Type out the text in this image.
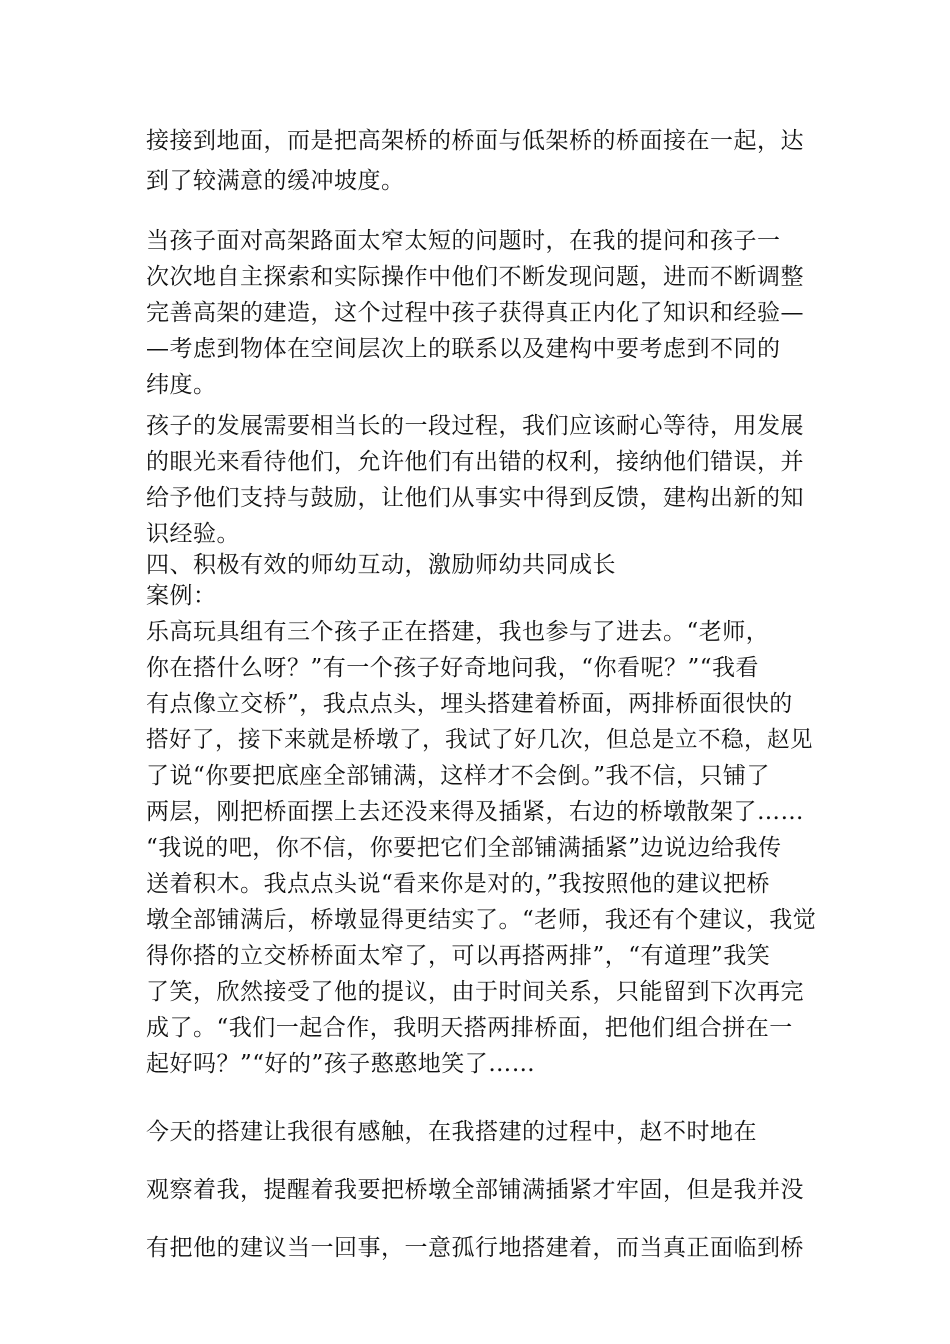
接接到地面，而是把高架桥的桥面与低架桥的桥面接在一起，达
到了较满意的缓冲坡度。
当孩子面对高架路面太窄太短的问题时，在我的提问和孩子一
次次地自主探索和实际操作中他们不断发现问题，进而不断调整
完善高架的建造，这个过程中孩子获得真正内化了知识和经验—
—考虑到物体在空间层次上的联系以及建构中要考虑到不同的
纬度。
孩子的发展需要相当长的一段过程，我们应该耐心等待，用发展
的眼光来看待他们，允许他们有出错的权利，接纳他们错误，并
给予他们支持与鼓励，让他们从事实中得到反馈，建构出新的知
识经验。
四、积极有效的师幼互动，激励师幼共同成长
案例：
乐高玩具组有三个孩子正在搭建，我也参与了进去。“老师，
你在搭什么呀？”有一个孩子好奇地问我，“你看呢？”“我看
有点像立交桥”，我点点头，埋头搭建着桥面，两排桥面很快的
搭好了，接下来就是桥墩了，我试了好几次，但总是立不稳，赵见
了说“你要把底座全部铺满，这样才不会倒。”我不信，只铺了
两层，刚把桥面摆上去还没来得及插紧，右边的桥墩散架了……
“我说的吧，你不信，你要把它们全部铺满插紧”边说边给我传
送着积木。我点点头说“看来你是对的，”我按照他的建议把桥
墩全部铺满后，桥墩显得更结实了。“老师，我还有个建议，我觉
得你搭的立交桥桥面太窄了，可以再搭两排”，“有道理”我笑
了笑，欣然接受了他的提议，由于时间关系，只能留到下次再完
成了。“我们一起合作，我明天搭两排桥面，把他们组合拼在一
起好吗？”“好的”孩子憨憨地笑了……
今天的搭建让我很有感触，在我搭建的过程中，赵不时地在
观察着我，提醒着我要把桥墩全部铺满插紧才牢固，但是我并没
有把他的建议当一回事，一意孤行地搭建着，而当真正面临到桥
